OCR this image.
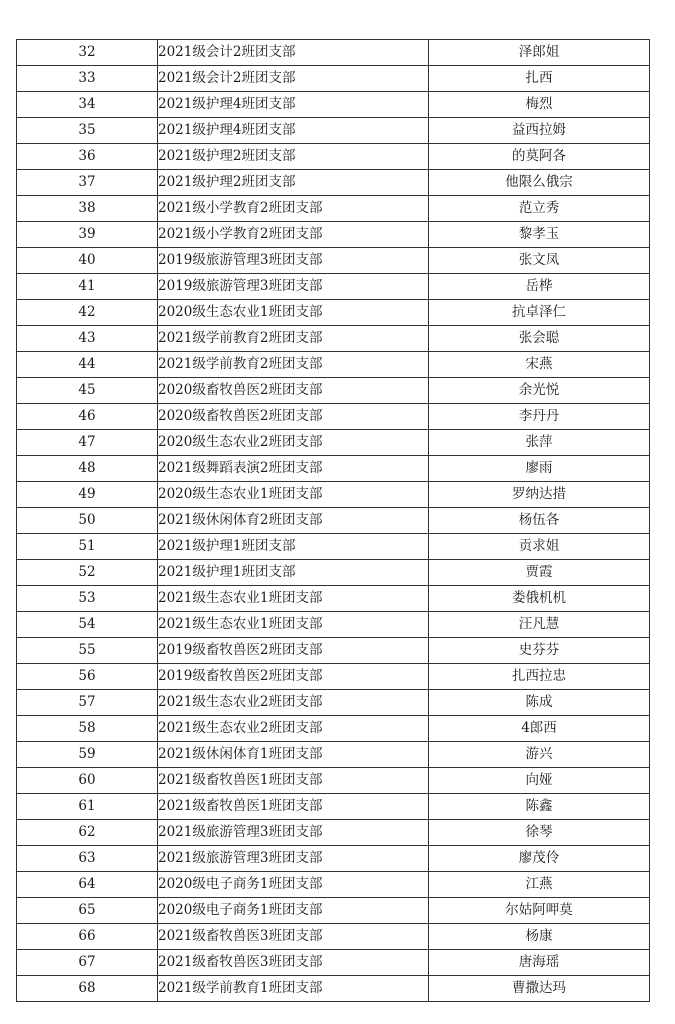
32	2021级会计2班团支部	泽郎姐
33	2021级会计2班团支部	扎西
34	2021级护理4班团支部	梅烈
35	2021级护理4班团支部	益西拉姆
36	2021级护理2班团支部	的莫阿各
37	2021级护理2班团支部	他限么俄宗
38	2021级小学教育2班团支部	范立秀
39	2021级小学教育2班团支部	黎孝玉
40	2019级旅游管理3班团支部	张文凤
41	2019级旅游管理3班团支部	岳桦
42	2020级生态农业1班团支部	抗卓泽仁
43	2021级学前教育2班团支部	张会聪
44	2021级学前教育2班团支部	宋燕
45	2020级畜牧兽医2班团支部	余光悦
46	2020级畜牧兽医2班团支部	李丹丹
47	2020级生态农业2班团支部	张萍
48	2021级舞蹈表演2班团支部	廖雨
49	2020级生态农业1班团支部	罗纳达措
50	2021级休闲体育2班团支部	杨伍各
51	2021级护理1班团支部	贡求姐
52	2021级护理1班团支部	贾霞
53	2021级生态农业1班团支部	娄俄机机
54	2021级生态农业1班团支部	汪凡慧
55	2019级畜牧兽医2班团支部	史芬芬
56	2019级畜牧兽医2班团支部	扎西拉忠
57	2021级生态农业2班团支部	陈成
58	2021级生态农业2班团支部	4郎西
59	2021级休闲体育1班团支部	游兴
60	2021级畜牧兽医1班团支部	向娅
61	2021级畜牧兽医1班团支部	陈鑫
62	2021级旅游管理3班团支部	徐琴
63	2021级旅游管理3班团支部	廖茂伶
64	2020级电子商务1班团支部	江燕
65	2020级电子商务1班团支部	尔姑阿呷莫
66	2021级畜牧兽医3班团支部	杨康
67	2021级畜牧兽医3班团支部	唐海瑶
68	2021级学前教育1班团支部	曹撒达玛
